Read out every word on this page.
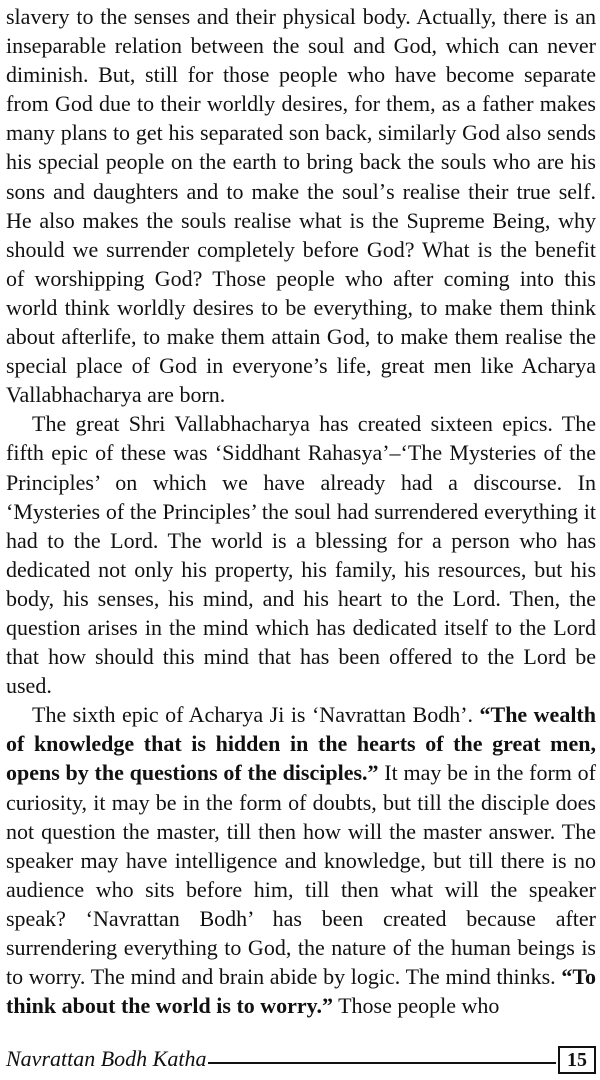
slavery to the senses and their physical body. Actually, there is an inseparable relation between the soul and God, which can never diminish. But, still for those people who have become separate from God due to their worldly desires, for them, as a father makes many plans to get his separated son back, similarly God also sends his special people on the earth to bring back the souls who are his sons and daughters and to make the soulʼs realise their true self. He also makes the souls realise what is the Supreme Being, why should we surrender completely before God? What is the benefit of worshipping God? Those people who after coming into this world think worldly desires to be everything, to make them think about afterlife, to make them attain God, to make them realise the special place of God in everyone’s life, great men like Acharya Vallabhacharya are born.

The great Shri Vallabhacharya has created sixteen epics. The fifth epic of these was ‘Siddhant Rahasya’–‘The Mysteries of the Principles’ on which we have already had a discourse. In ‘Mysteries of the Principles’ the soul had surrendered everything it had to the Lord. The world is a blessing for a person who has dedicated not only his property, his family, his resources, but his body, his senses, his mind, and his heart to the Lord. Then, the question arises in the mind which has dedicated itself to the Lord that how should this mind that has been offered to the Lord be used.

The sixth epic of Acharya Ji is ‘Navrattan Bodh’. “The wealth of knowledge that is hidden in the hearts of the great men, opens by the questions of the disciples.” It may be in the form of curiosity, it may be in the form of doubts, but till the disciple does not question the master, till then how will the master answer. The speaker may have intelligence and knowledge, but till there is no audience who sits before him, till then what will the speaker speak? ‘Navrattan Bodh’ has been created because after surrendering everything to God, the nature of the human beings is to worry. The mind and brain abide by logic. The mind thinks. “To think about the world is to worry.” Those people who

Navrattan Bodh Katha	15
